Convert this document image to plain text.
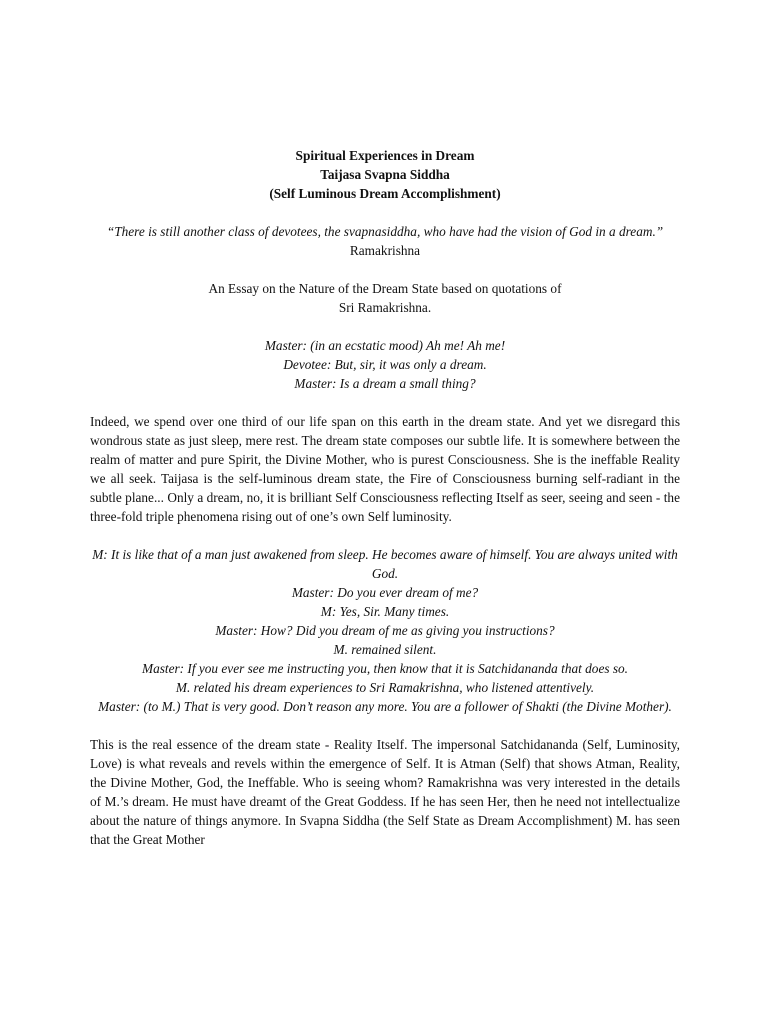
Spiritual Experiences in Dream
Taijasa Svapna Siddha
(Self Luminous Dream Accomplishment)
“There is still another class of devotees, the svapnasiddha, who have had the vision of God in a dream.”
Ramakrishna
An Essay on the Nature of the Dream State based on quotations of
Sri Ramakrishna.
Master: (in an ecstatic mood) Ah me! Ah me!
Devotee: But, sir, it was only a dream.
Master: Is a dream a small thing?

Indeed, we spend over one third of our life span on this earth in the dream state. And yet we disregard this wondrous state as just sleep, mere rest. The dream state composes our subtle life. It is somewhere between the realm of matter and pure Spirit, the Divine Mother, who is purest Consciousness. She is the ineffable Reality we all seek. Taijasa is the self-luminous dream state, the Fire of Consciousness burning self-radiant in the subtle plane... Only a dream, no, it is brilliant Self Consciousness reflecting Itself as seer, seeing and seen - the three-fold triple phenomena rising out of one’s own Self luminosity.

M: It is like that of a man just awakened from sleep. He becomes aware of himself. You are always united with God.
Master: Do you ever dream of me?
M: Yes, Sir. Many times.
Master: How? Did you dream of me as giving you instructions?
M. remained silent.
Master: If you ever see me instructing you, then know that it is Satchidananda that does so.
M. related his dream experiences to Sri Ramakrishna, who listened attentively.
Master: (to M.) That is very good. Don’t reason any more. You are a follower of Shakti (the Divine Mother).

This is the real essence of the dream state - Reality Itself. The impersonal Satchidananda (Self, Luminosity, Love) is what reveals and revels within the emergence of Self. It is Atman (Self) that shows Atman, Reality, the Divine Mother, God, the Ineffable. Who is seeing whom? Ramakrishna was very interested in the details of M.’s dream. He must have dreamt of the Great Goddess. If he has seen Her, then he need not intellectualize about the nature of things anymore. In Svapna Siddha (the Self State as Dream Accomplishment) M. has seen that the Great Mother
